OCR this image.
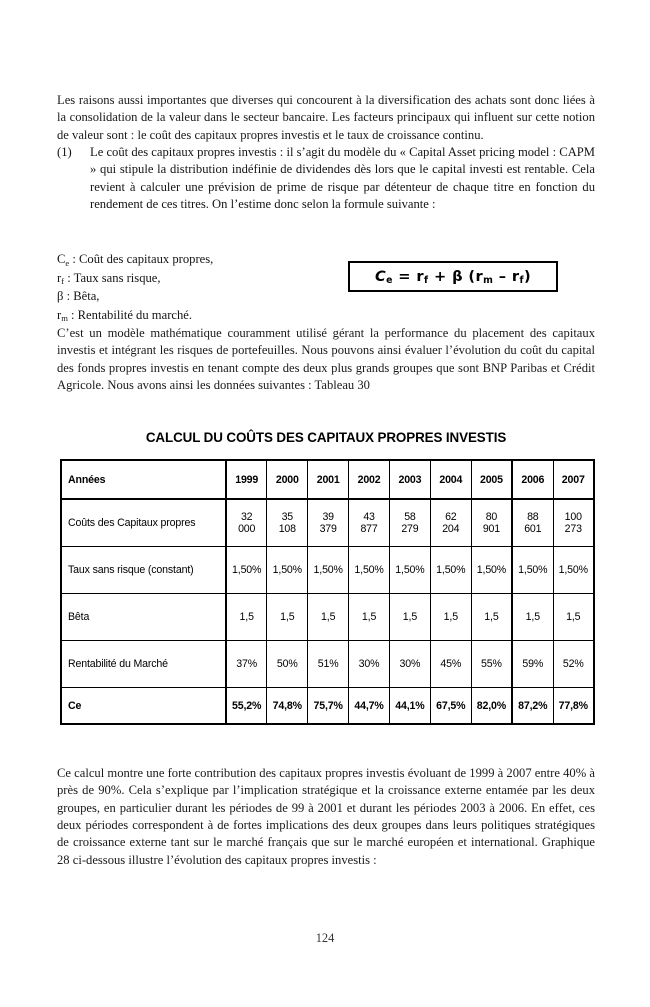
Les raisons aussi importantes que diverses qui concourent à la diversification des achats sont donc liées à la consolidation de la valeur dans le secteur bancaire. Les facteurs principaux qui influent sur cette notion de valeur sont : le coût des capitaux propres investis et le taux de croissance continu.

(1)	Le coût des capitaux propres investis : il s’agit du modèle du « Capital Asset pricing model : CAPM » qui stipule la distribution indéfinie de dividendes dès lors que le capital investi est rentable. Cela revient à calculer une prévision de prime de risque par détenteur de chaque titre en fonction du rendement de ces titres. On l’estime donc selon la formule suivante :
$C_e$ : Coût des capitaux propres,
$r_f$ : Taux sans risque,
β : Bêta,
$r_m$ : Rentabilité du marché.

C’est un modèle mathématique couramment utilisé gérant la performance du placement des capitaux investis et intégrant les risques de portefeuilles. Nous pouvons ainsi évaluer l’évolution du coût du capital des fonds propres investis en tenant compte des deux plus grands groupes que sont BNP Paribas et Crédit Agricole. Nous avons ainsi les données suivantes : Tableau 30

$C_e = r_f + \beta$ $(r_m - r_f)$
CALCUL DU COÛTS DES CAPITAUX PROPRES INVESTIS
Années	1999	2000	2001	2002	2003	2004	2005	2006	2007
Coûts des Capitaux propres	32 000	35 108	39 379	43 877	58 279	62 204	80 901	88 601	100 273
Taux sans risque (constant)	1,50%	1,50%	1,50%	1,50%	1,50%	1,50%	1,50%	1,50%	1,50%
Bêta	1,5	1,5	1,5	1,5	1,5	1,5	1,5	1,5	1,5
Rentabilité du Marché	37%	50%	51%	30%	30%	45%	55%	59%	52%
Ce	55,2%	74,8%	75,7%	44,7%	44,1%	67,5%	82,0%	87,2%	77,8%

Ce calcul montre une forte contribution des capitaux propres investis évoluant de 1999 à 2007 entre 40% à près de 90%. Cela s’explique par l’implication stratégique et la croissance externe entamée par les deux groupes, en particulier durant les périodes de 99 à 2001 et durant les périodes 2003 à 2006. En effet, ces deux périodes correspondent à de fortes implications des deux groupes dans leurs politiques stratégiques de croissance externe tant sur le marché français que sur le marché européen et international. Graphique 28 ci-dessous illustre l’évolution des capitaux propres investis :

124
